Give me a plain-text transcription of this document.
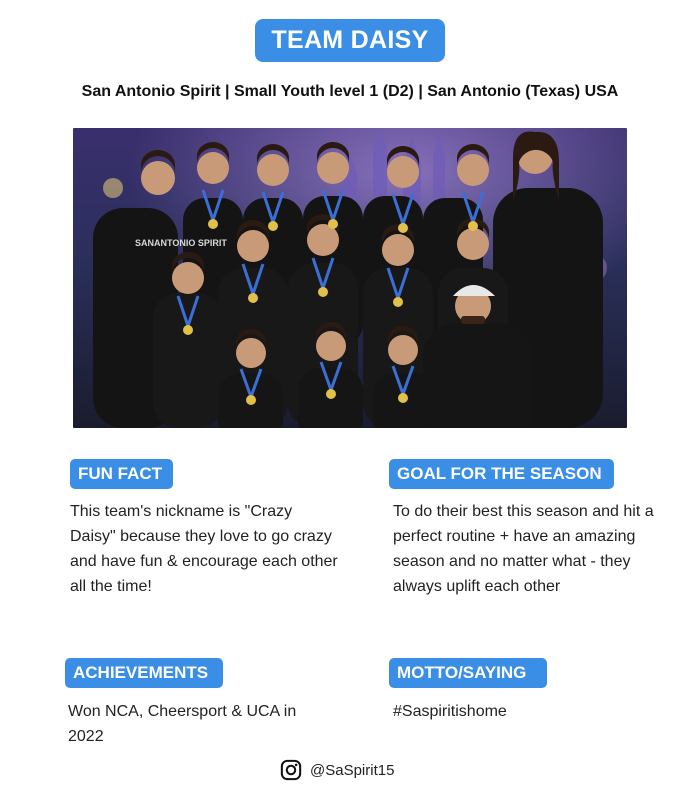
TEAM DAISY
San Antonio Spirit | Small Youth level 1 (D2) | San Antonio (Texas) USA
SANANTONIO SPIRIT
FUN FACT
This team's nickname is "Crazy Daisy" because they love to go crazy and have fun & encourage each other all the time!
GOAL FOR THE SEASON
To do their best this season and hit a perfect routine + have an amazing season and no matter what - they always uplift each other
ACHIEVEMENTS
Won NCA, Cheersport & UCA in 2022
MOTTO/SAYING
#Saspiritishome
@SaSpirit15
